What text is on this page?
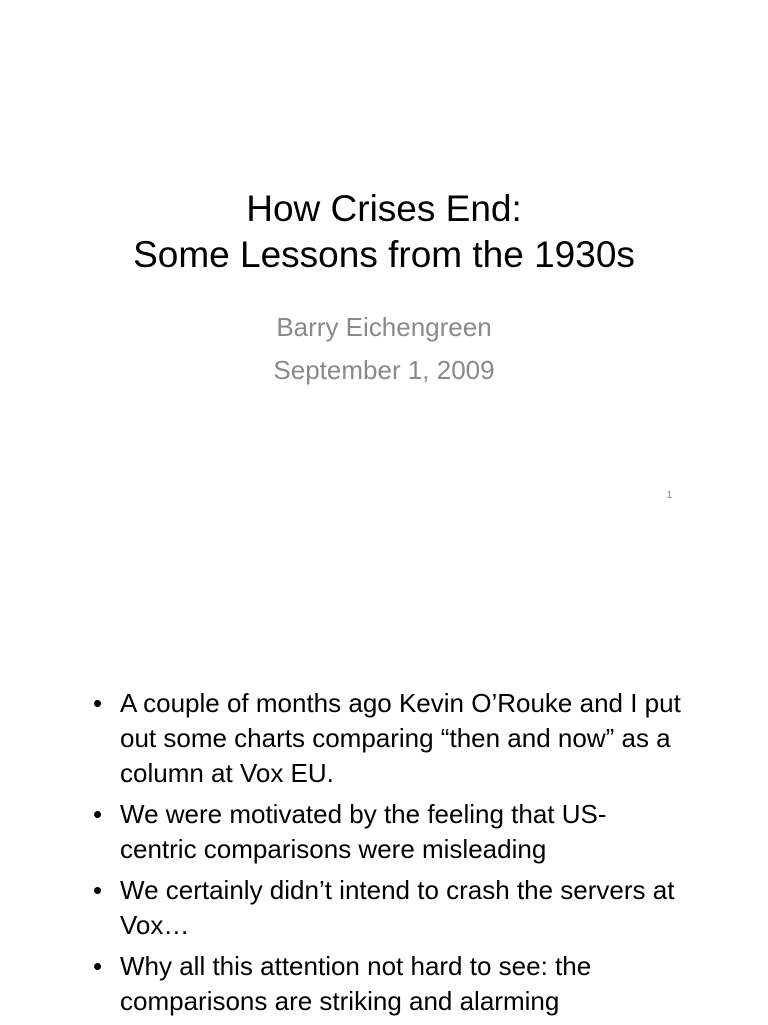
How Crises End:
Some Lessons from the 1930s
Barry Eichengreen
September 1, 2009
1
• A couple of months ago Kevin O’Rouke and I put out some charts comparing “then and now” as a column at Vox EU.
• We were motivated by the feeling that US-centric comparisons were misleading
• We certainly didn’t intend to crash the servers at Vox…
• Why all this attention not hard to see: the comparisons are striking and alarming
